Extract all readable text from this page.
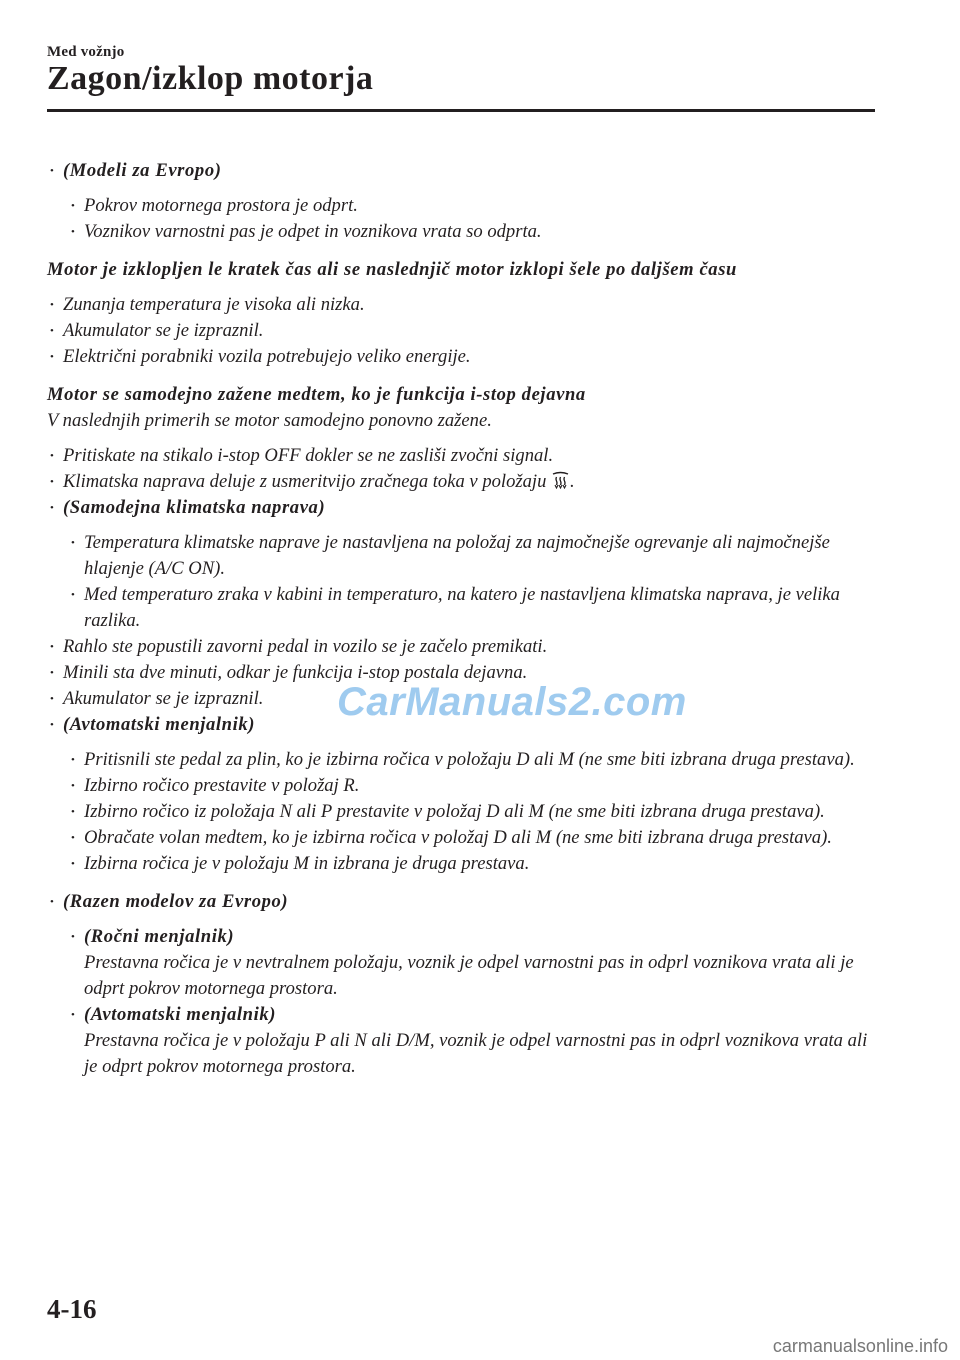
Med vožnjo
Zagon/izklop motorja
• (Modeli za Evropo)
• Pokrov motornega prostora je odprt.
• Voznikov varnostni pas je odpet in voznikova vrata so odprta.
Motor je izklopljen le kratek čas ali se naslednjič motor izklopi šele po daljšem času
• Zunanja temperatura je visoka ali nizka.
• Akumulator se je izpraznil.
• Električni porabniki vozila potrebujejo veliko energije.
Motor se samodejno zažene medtem, ko je funkcija i-stop dejavna
V naslednjih primerih se motor samodejno ponovno zažene.
• Pritiskate na stikalo i-stop OFF dokler se ne zasliši zvočni signal.
• Klimatska naprava deluje z usmeritvijo zračnega toka v položaju .
• (Samodejna klimatska naprava)
• Temperatura klimatske naprave je nastavljena na položaj za najmočnejše ogrevanje ali najmočnejše hlajenje (A/C ON).
• Med temperaturo zraka v kabini in temperaturo, na katero je nastavljena klimatska naprava, je velika razlika.
• Rahlo ste popustili zavorni pedal in vozilo se je začelo premikati.
• Minili sta dve minuti, odkar je funkcija i-stop postala dejavna.
• Akumulator se je izpraznil.
• (Avtomatski menjalnik)
• Pritisnili ste pedal za plin, ko je izbirna ročica v položaju D ali M (ne sme biti izbrana druga prestava).
• Izbirno ročico prestavite v položaj R.
• Izbirno ročico iz položaja N ali P prestavite v položaj D ali M (ne sme biti izbrana druga prestava).
• Obračate volan medtem, ko je izbirna ročica v položaj D ali M (ne sme biti izbrana druga prestava).
• Izbirna ročica je v položaju M in izbrana je druga prestava.
• (Razen modelov za Evropo)
• (Ročni menjalnik)
Prestavna ročica je v nevtralnem položaju, voznik je odpel varnostni pas in odprl voznikova vrata ali je odprt pokrov motornega prostora.
• (Avtomatski menjalnik)
Prestavna ročica je v položaju P ali N ali D/M, voznik je odpel varnostni pas in odprl voznikova vrata ali je odprt pokrov motornega prostora.
CarManuals2.com
4-16
carmanualsonline.info
